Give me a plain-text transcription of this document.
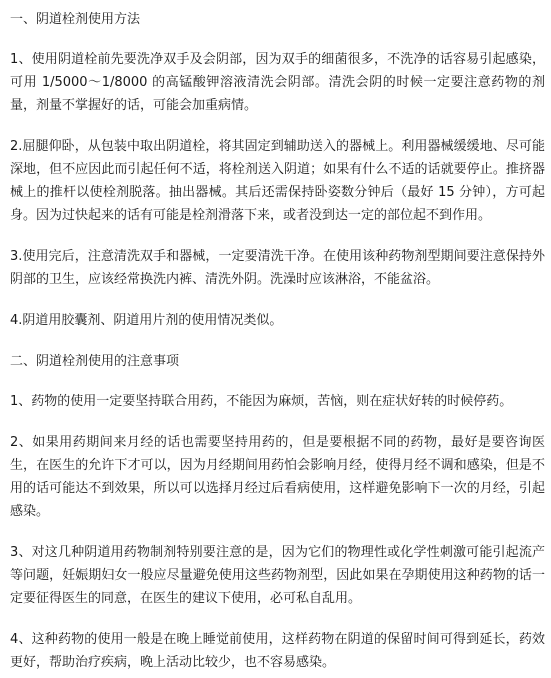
一、阴道栓剂使用方法
1、使用阴道栓前先要洗净双手及会阴部，因为双手的细菌很多，不洗净的话容易引起感染，可用 1/5000～1/8000 的高锰酸钾溶液清洗会阴部。清洗会阴的时候一定要注意药物的剂量，剂量不掌握好的话，可能会加重病情。
2.屈腿仰卧，从包装中取出阴道栓，将其固定到辅助送入的器械上。利用器械缓缓地、尽可能深地，但不应因此而引起任何不适，将栓剂送入阴道；如果有什么不适的话就要停止。推挤器械上的推杆以使栓剂脱落。抽出器械。其后还需保持卧姿数分钟后（最好 15 分钟），方可起身。因为过快起来的话有可能是栓剂滑落下来，或者没到达一定的部位起不到作用。
3.使用完后，注意清洗双手和器械，一定要清洗干净。在使用该种药物剂型期间要注意保持外阴部的卫生，应该经常换洗内裤、清洗外阴。洗澡时应该淋浴，不能盆浴。
4.阴道用胶囊剂、阴道用片剂的使用情况类似。
二、阴道栓剂使用的注意事项
1、药物的使用一定要坚持联合用药，不能因为麻烦，苦恼，则在症状好转的时候停药。
2、如果用药期间来月经的话也需要坚持用药的，但是要根据不同的药物，最好是要咨询医生，在医生的允许下才可以，因为月经期间用药怕会影响月经，使得月经不调和感染，但是不用的话可能达不到效果，所以可以选择月经过后看病使用，这样避免影响下一次的月经，引起感染。
3、对这几种阴道用药物制剂特别要注意的是，因为它们的物理性或化学性刺激可能引起流产等问题，妊娠期妇女一般应尽量避免使用这些药物剂型，因此如果在孕期使用这种药物的话一定要征得医生的同意，在医生的建议下使用，必可私自乱用。
4、这种药物的使用一般是在晚上睡觉前使用，这样药物在阴道的保留时间可得到延长，药效更好，帮助治疗疾病，晚上活动比较少，也不容易感染。
